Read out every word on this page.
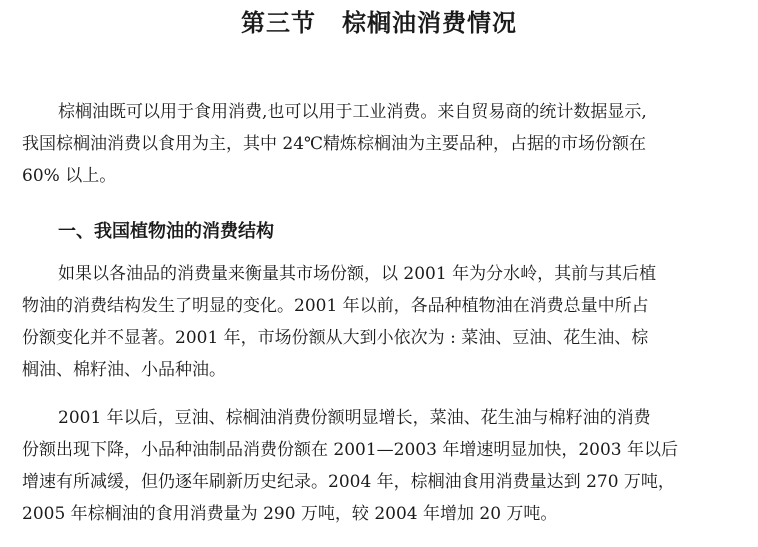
第三节 棕榈油消费情况

棕榈油既可以用于食用消费,也可以用于工业消费。来自贸易商的统计数据显示,
我国棕榈油消费以食用为主，其中 24℃精炼棕榈油为主要品种，占据的市场份额在
60% 以上。

一、我国植物油的消费结构

如果以各油品的消费量来衡量其市场份额，以 2001 年为分水岭，其前与其后植
物油的消费结构发生了明显的变化。2001 年以前，各品种植物油在消费总量中所占
份额变化并不显著。2001 年，市场份额从大到小依次为 : 菜油、豆油、花生油、棕
榈油、棉籽油、小品种油。

2001 年以后，豆油、棕榈油消费份额明显增长，菜油、花生油与棉籽油的消费
份额出现下降，小品种油制品消费份额在 2001—2003 年增速明显加快，2003 年以后
增速有所减缓，但仍逐年刷新历史纪录。2004 年，棕榈油食用消费量达到 270 万吨，
2005 年棕榈油的食用消费量为 290 万吨，较 2004 年增加 20 万吨。
